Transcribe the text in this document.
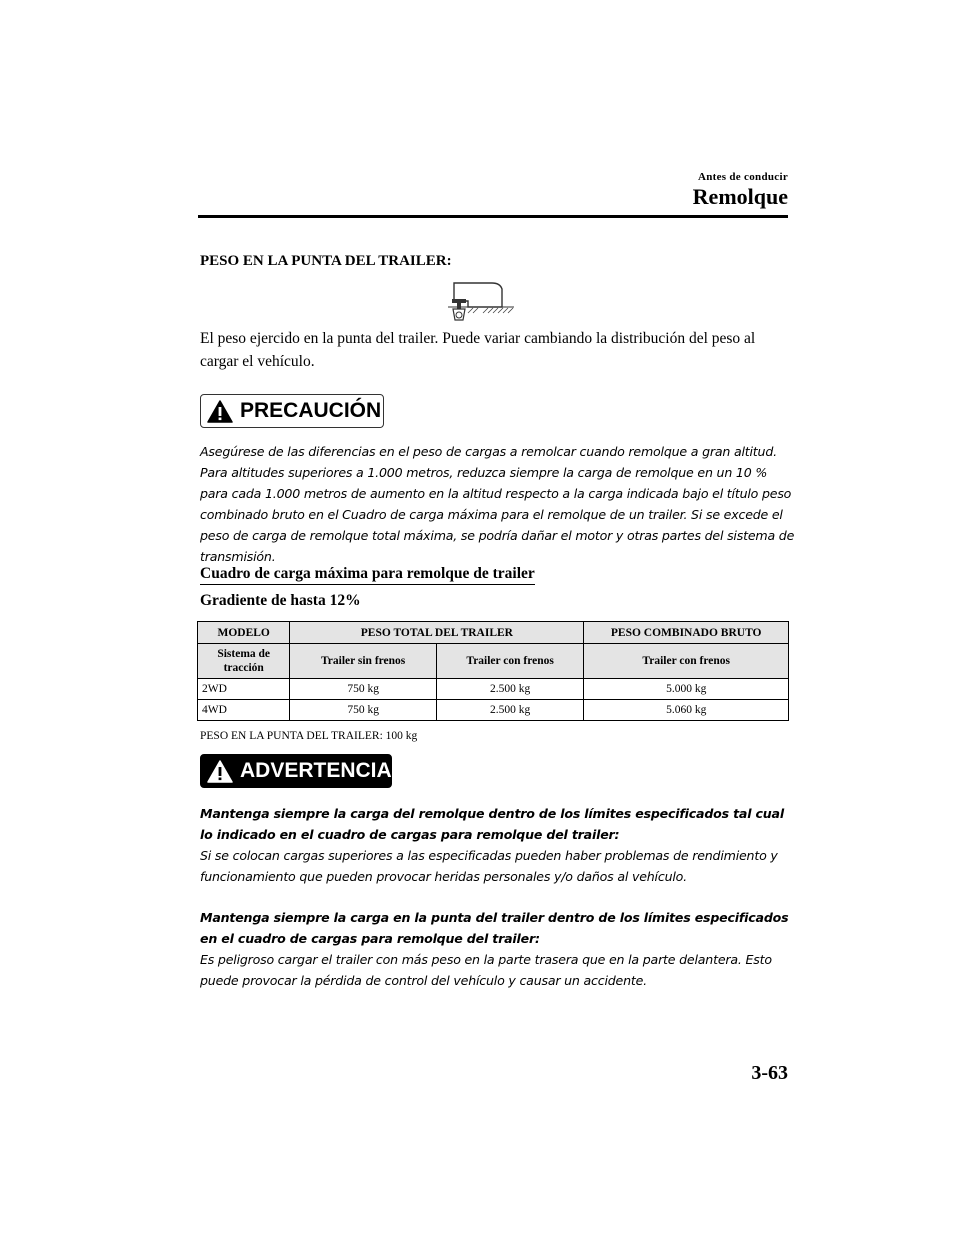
Antes de conducir
Remolque
PESO EN LA PUNTA DEL TRAILER:
El peso ejercido en la punta del trailer. Puede variar cambiando la distribución del peso al cargar el vehículo.
PRECAUCIÓN
Asegúrese de las diferencias en el peso de cargas a remolcar cuando remolque a gran altitud. Para altitudes superiores a 1.000 metros, reduzca siempre la carga de remolque en un 10 % para cada 1.000 metros de aumento en la altitud respecto a la carga indicada bajo el título peso combinado bruto en el Cuadro de carga máxima para el remolque de un trailer. Si se excede el peso de carga de remolque total máxima, se podría dañar el motor y otras partes del sistema de transmisión.
Cuadro de carga máxima para remolque de trailer
Gradiente de hasta 12%
MODELO	PESO TOTAL DEL TRAILER		PESO COMBINADO BRUTO
Sistema de tracción	Trailer sin frenos	Trailer con frenos	Trailer con frenos
2WD	750 kg	2.500 kg	5.000 kg
4WD	750 kg	2.500 kg	5.060 kg
PESO EN LA PUNTA DEL TRAILER: 100 kg
ADVERTENCIA

Mantenga siempre la carga del remolque dentro de los límites especificados tal cual lo indicado en el cuadro de cargas para remolque del trailer:

Si se colocan cargas superiores a las especificadas pueden haber problemas de rendimiento y funcionamiento que pueden provocar heridas personales y/o daños al vehículo.

Mantenga siempre la carga en la punta del trailer dentro de los límites especificados en el cuadro de cargas para remolque del trailer:

Es peligroso cargar el trailer con más peso en la parte trasera que en la parte delantera. Esto puede provocar la pérdida de control del vehículo y causar un accidente.

3-63
